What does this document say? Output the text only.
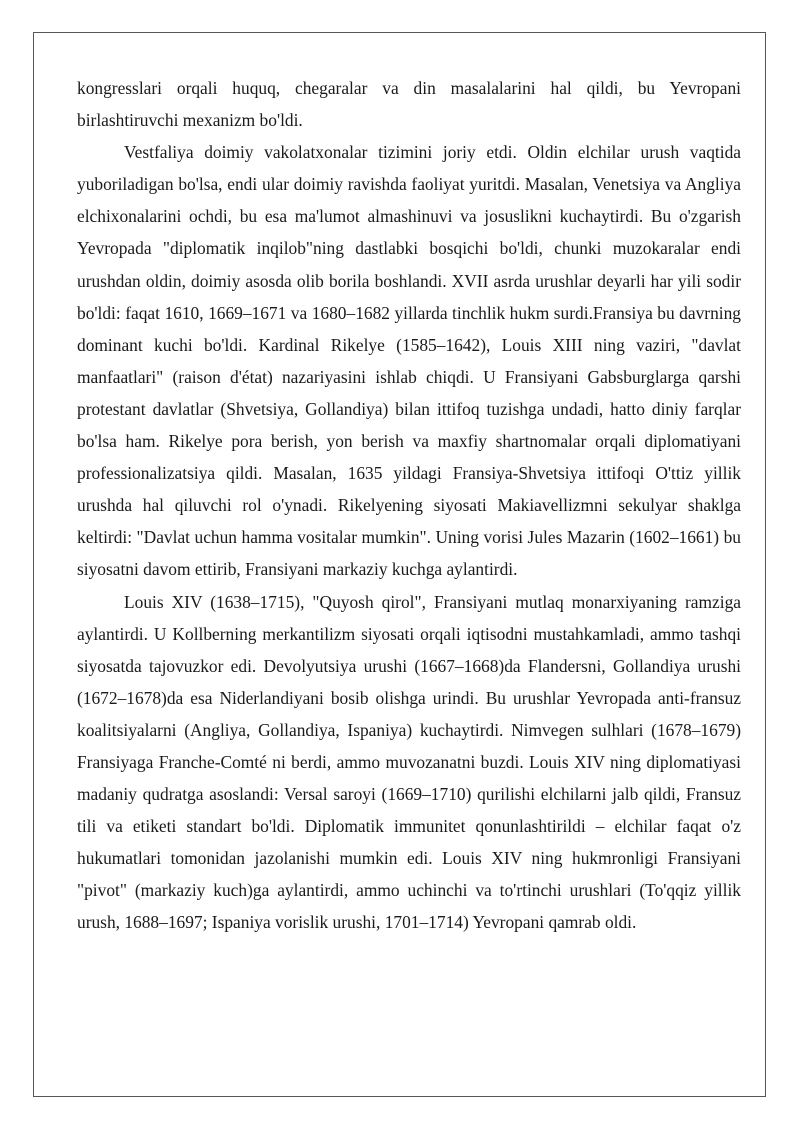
kongresslari orqali huquq, chegaralar va din masalalarini hal qildi, bu Yevropani birlashtiruvchi mexanizm bo'ldi.

Vestfaliya doimiy vakolatxonalar tizimini joriy etdi. Oldin elchilar urush vaqtida yuboriladigan bo'lsa, endi ular doimiy ravishda faoliyat yuritdi. Masalan, Venetsiya va Angliya elchixonalarini ochdi, bu esa ma'lumot almashinuvi va josuslikni kuchaytirdi. Bu o'zgarish Yevropada "diplomatik inqilob"ning dastlabki bosqichi bo'ldi, chunki muzokaralar endi urushdan oldin, doimiy asosda olib borila boshlandi. XVII asrda urushlar deyarli har yili sodir bo'ldi: faqat 1610, 1669–1671 va 1680–1682 yillarda tinchlik hukm surdi.Fransiya bu davrning dominant kuchi bo'ldi. Kardinal Rikelye (1585–1642), Louis XIII ning vaziri, "davlat manfaatlari" (raison d'état) nazariyasini ishlab chiqdi. U Fransiyani Gabsburglarga qarshi protestant davlatlar (Shvetsiya, Gollandiya) bilan ittifoq tuzishga undadi, hatto diniy farqlar bo'lsa ham. Rikelye pora berish, yon berish va maxfiy shartnomalar orqali diplomatiyani professionalizatsiya qildi. Masalan, 1635 yildagi Fransiya-Shvetsiya ittifoqi O'ttiz yillik urushda hal qiluvchi rol o'ynadi. Rikelyening siyosati Makiavellizmni sekulyar shaklga keltirdi: "Davlat uchun hamma vositalar mumkin". Uning vorisi Jules Mazarin (1602–1661) bu siyosatni davom ettirib, Fransiyani markaziy kuchga aylantirdi.

Louis XIV (1638–1715), "Quyosh qirol", Fransiyani mutlaq monarxiyaning ramziga aylantirdi. U Kollberning merkantilizm siyosati orqali iqtisodni mustahkamladi, ammo tashqi siyosatda tajovuzkor edi. Devolyutsiya urushi (1667–1668)da Flandersni, Gollandiya urushi (1672–1678)da esa Niderlandiyani bosib olishga urindi. Bu urushlar Yevropada anti-fransuz koalitsiyalarni (Angliya, Gollandiya, Ispaniya) kuchaytirdi. Nimvegen sulhlari (1678–1679) Fransiyaga Franche-Comté ni berdi, ammo muvozanatni buzdi. Louis XIV ning diplomatiyasi madaniy qudratga asoslandi: Versal saroyi (1669–1710) qurilishi elchilarni jalb qildi, Fransuz tili va etiketi standart bo'ldi. Diplomatik immunitet qonunlashtirildi – elchilar faqat o'z hukumatlari tomonidan jazolanishi mumkin edi. Louis XIV ning hukmronligi Fransiyani "pivot" (markaziy kuch)ga aylantirdi, ammo uchinchi va to'rtinchi urushlari (To'qqiz yillik urush, 1688–1697; Ispaniya vorislik urushi, 1701–1714) Yevropani qamrab oldi.
